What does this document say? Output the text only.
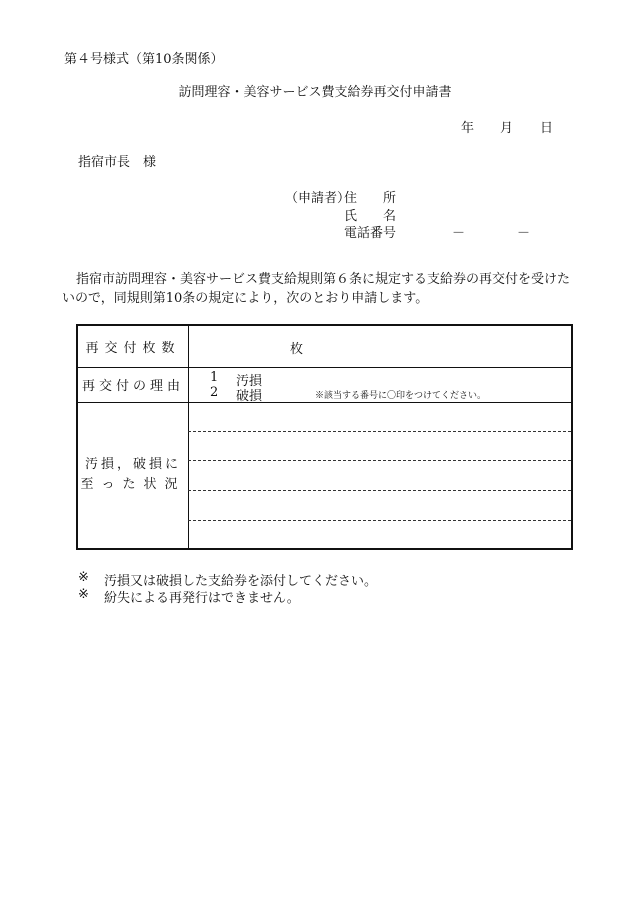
第４号様式（第10条関係）
訪問理容・美容サービス費支給券再交付申請書
年 月 日
指宿市長　様
（申請者）
住　　所
氏　　名
電話番号	－	－
指宿市訪問理容・美容サービス費支給規則第６条に規定する支給券の再交付を受けたいので，同規則第10条の規定により，次のとおり申請します。
再交付枚数	枚
再交付の理由
1 汚損
2 破損	※該当する番号に〇印をつけてください。
汚損，破損に
至った状況
※ 汚損又は破損した支給券を添付してください。
※ 紛失による再発行はできません。
